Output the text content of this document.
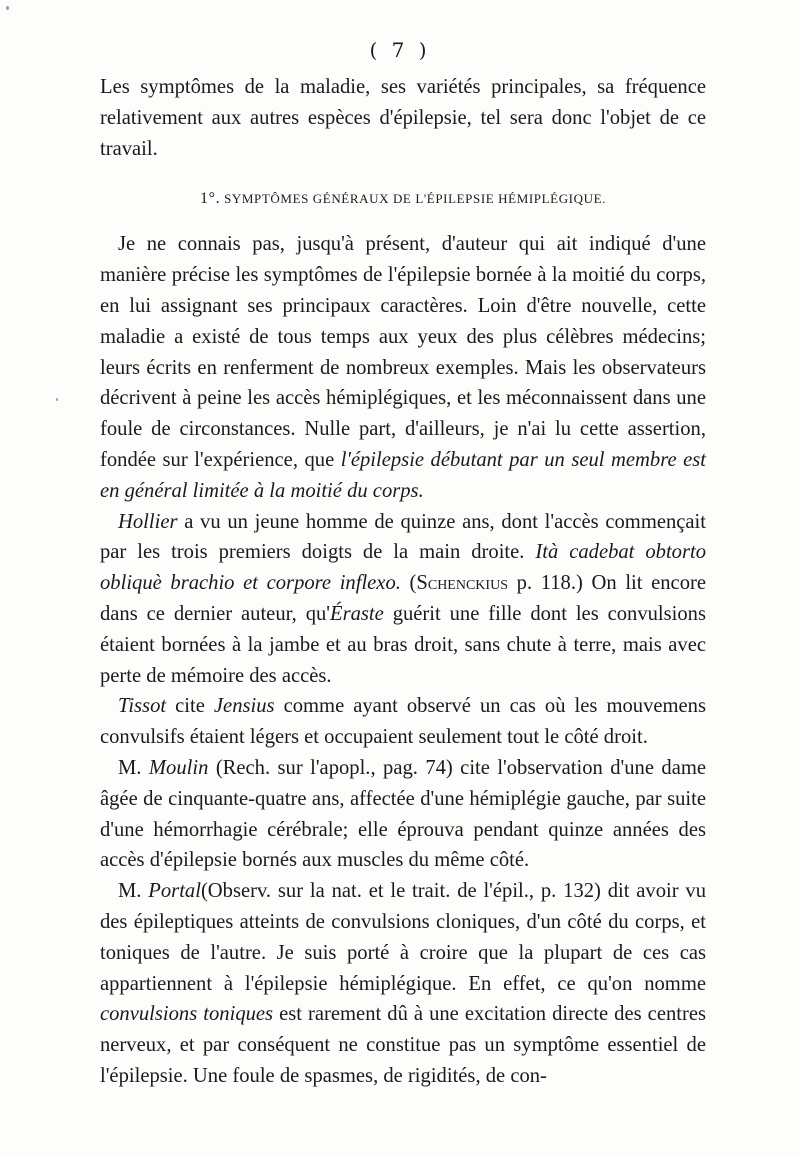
( 7 )

Les symptômes de la maladie, ses variétés principales, sa fréquence relativement aux autres espèces d'épilepsie, tel sera donc l'objet de ce travail.

1°. SYMPTÔMES GÉNÉRAUX DE L'ÉPILEPSIE HÉMIPLÉGIQUE.

Je ne connais pas, jusqu'à présent, d'auteur qui ait indiqué d'une manière précise les symptômes de l'épilepsie bornée à la moitié du corps, en lui assignant ses principaux caractères. Loin d'être nouvelle, cette maladie a existé de tous temps aux yeux des plus célèbres médecins; leurs écrits en renferment de nombreux exemples. Mais les observateurs décrivent à peine les accès hémiplégiques, et les méconnaissent dans une foule de circonstances. Nulle part, d'ailleurs, je n'ai lu cette assertion, fondée sur l'expérience, que l'épilepsie débutant par un seul membre est en général limitée à la moitié du corps.

Hollier a vu un jeune homme de quinze ans, dont l'accès commençait par les trois premiers doigts de la main droite. Ità cadebat obtorto obliquè brachio et corpore inflexo. (Schenckius p. 118.) On lit encore dans ce dernier auteur, qu'Éraste guérit une fille dont les convulsions étaient bornées à la jambe et au bras droit, sans chute à terre, mais avec perte de mémoire des accès.

Tissot cite Jensius comme ayant observé un cas où les mouvemens convulsifs étaient légers et occupaient seulement tout le côté droit.

M. Moulin (Rech. sur l'apopl., pag. 74) cite l'observation d'une dame âgée de cinquante-quatre ans, affectée d'une hémiplégie gauche, par suite d'une hémorrhagie cérébrale; elle éprouva pendant quinze années des accès d'épilepsie bornés aux muscles du même côté.

M. Portal(Observ. sur la nat. et le trait. de l'épil., p. 132) dit avoir vu des épileptiques atteints de convulsions cloniques, d'un côté du corps, et toniques de l'autre. Je suis porté à croire que la plupart de ces cas appartiennent à l'épilepsie hémiplégique. En effet, ce qu'on nomme convulsions toniques est rarement dû à une excitation directe des centres nerveux, et par conséquent ne constitue pas un symptôme essentiel de l'épilepsie. Une foule de spasmes, de rigidités, de con-
